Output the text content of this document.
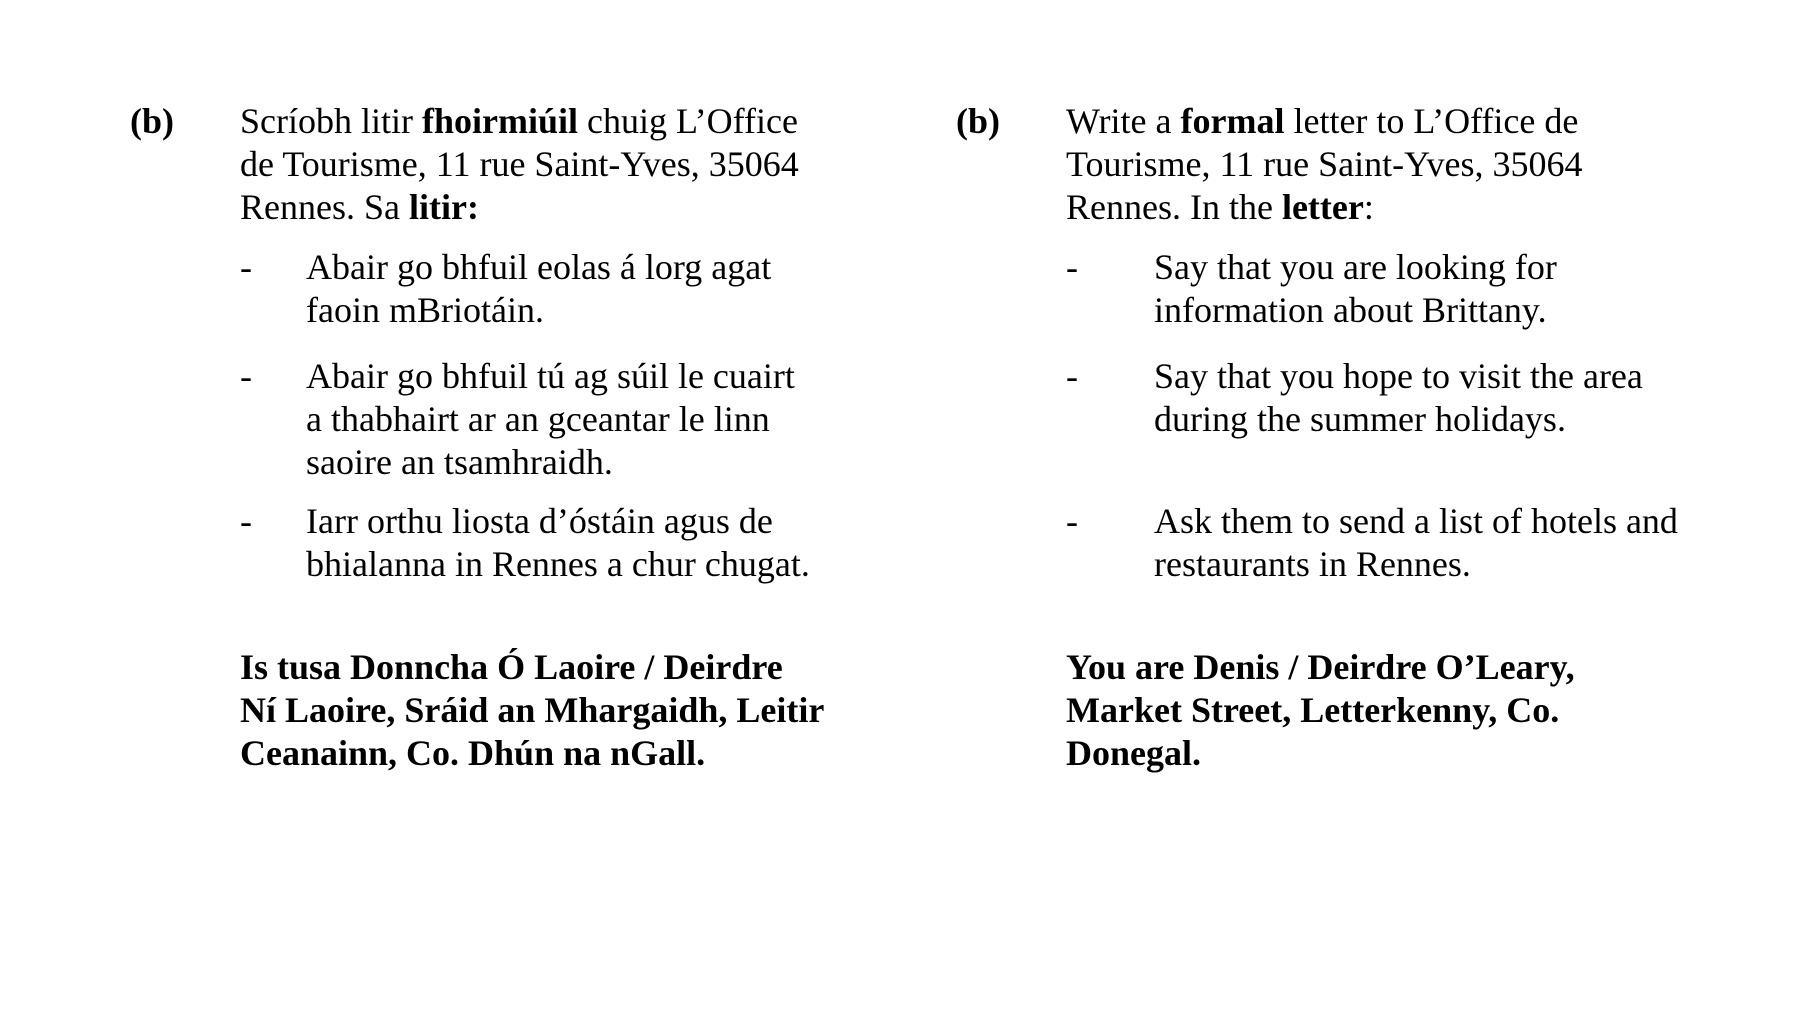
(b) Scríobh litir fhoirmiúil chuig L’Office
de Tourisme, 11 rue Saint-Yves, 35064
Rennes. Sa litir:
- Abair go bhfuil eolas á lorg agat
faoin mBriotáin.
- Abair go bhfuil tú ag súil le cuairt
a thabhairt ar an gceantar le linn
saoire an tsamhraidh.
- Iarr orthu liosta d’óstáin agus de
bhialanna in Rennes a chur chugat.
Is tusa Donncha Ó Laoire / Deirdre
Ní Laoire, Sráid an Mhargaidh, Leitir
Ceanainn, Co. Dhún na nGall.
(b) Write a formal letter to L’Office de
Tourisme, 11 rue Saint-Yves, 35064
Rennes. In the letter:
- Say that you are looking for
information about Brittany.
- Say that you hope to visit the area
during the summer holidays.
- Ask them to send a list of hotels and
restaurants in Rennes.
You are Denis / Deirdre O’Leary,
Market Street, Letterkenny, Co.
Donegal.
